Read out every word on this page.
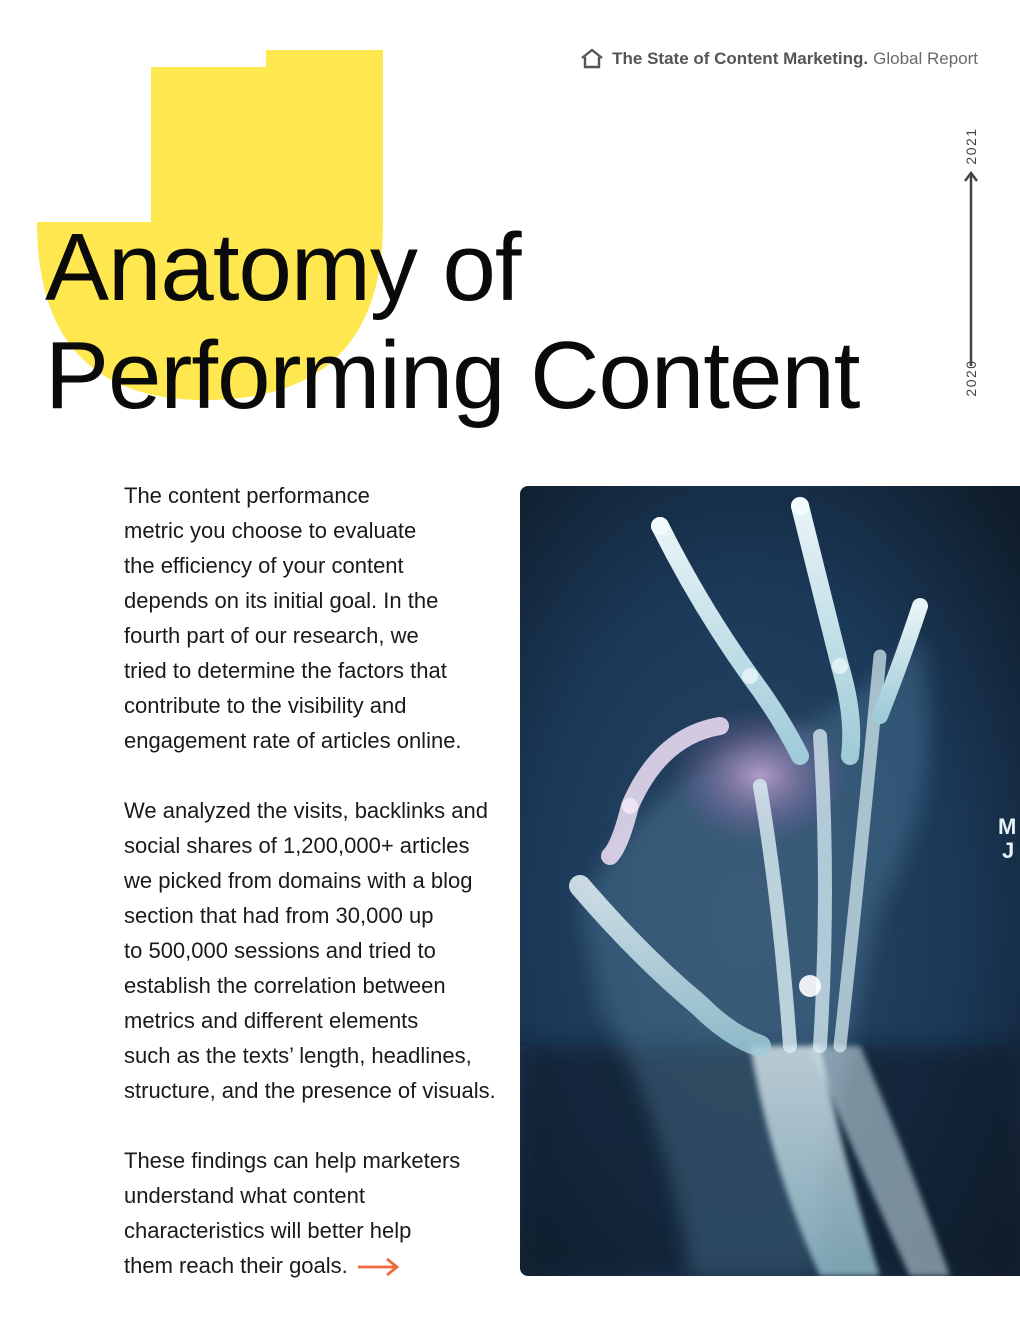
The State of Content Marketing. Global Report
2021
2020
Anatomy of
Performing Content

The content performance
metric you choose to evaluate
the efficiency of your content
depends on its initial goal. In the
fourth part of our research, we
tried to determine the factors that
contribute to the visibility and
engagement rate of articles online.

We analyzed the visits, backlinks and
social shares of 1,200,000+ articles
we picked from domains with a blog
section that had from 30,000 up
to 500,000 sessions and tried to
establish the correlation between
metrics and different elements
such as the texts’ length, headlines,
structure, and the presence of visuals.

These findings can help marketers
understand what content
characteristics will better help
them reach their goals.

M
J
